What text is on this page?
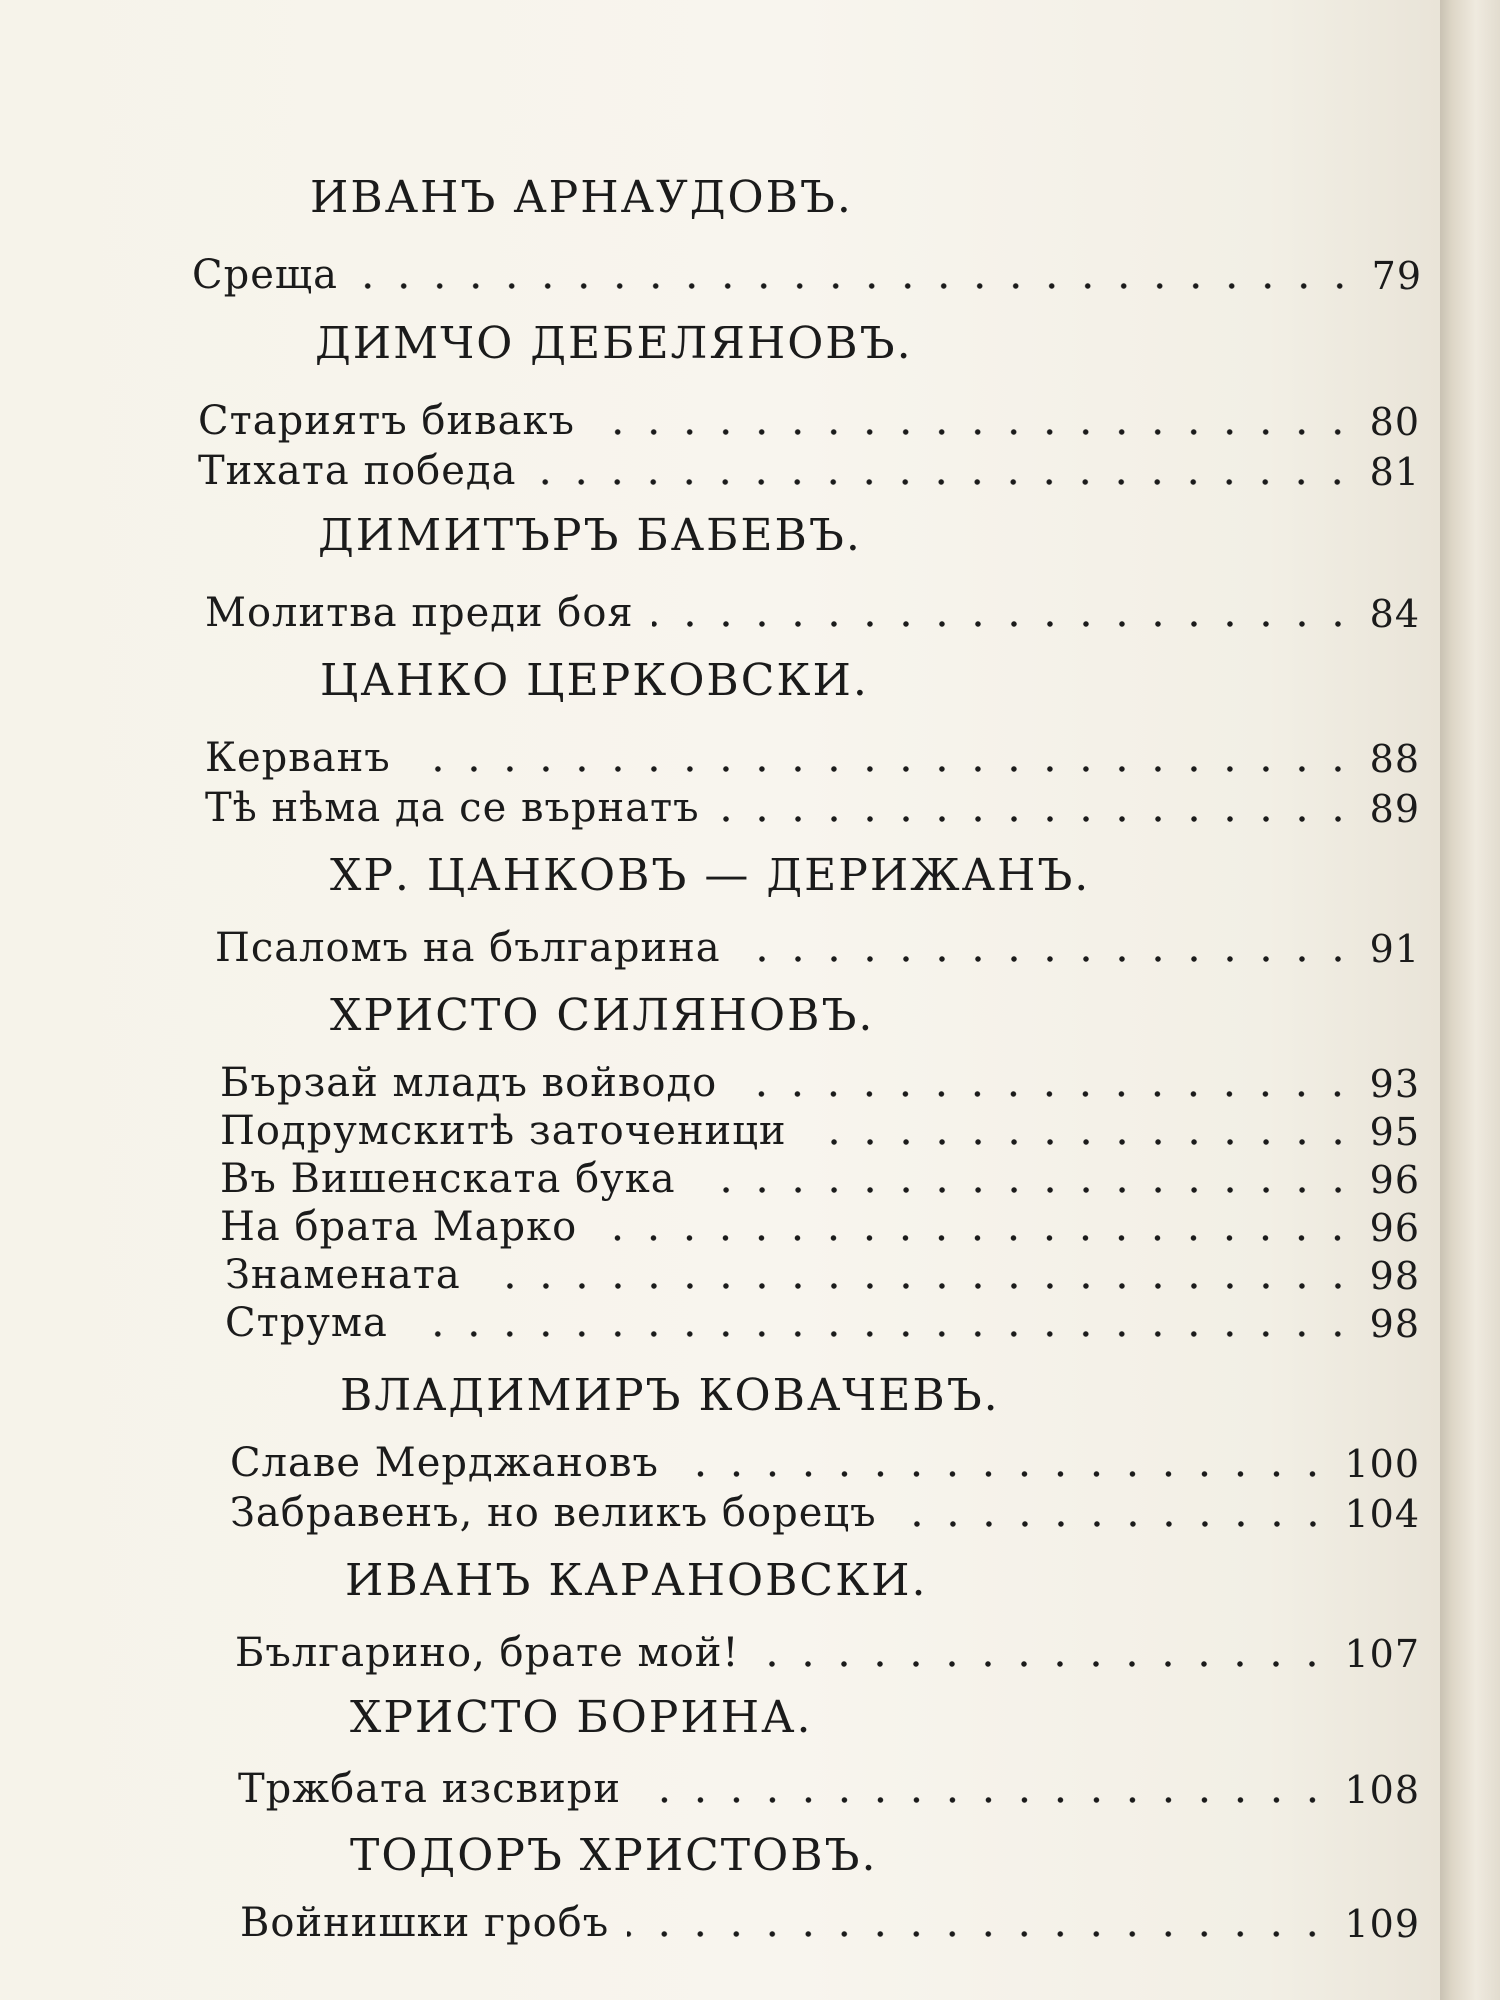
ИВАНЪ АРНАУДОВЪ.
Среща	79
ДИМЧО ДЕБЕЛЯНОВЪ.
Стариятъ бивакъ	80
Тихата победа	81
ДИМИТЪРЪ БАБЕВЪ.
Молитва преди боя	84
ЦАНКО ЦЕРКОВСКИ.
Керванъ	88
Тѣ нѣма да се върнатъ	89
ХР. ЦАНКОВЪ — ДЕРИЖАНЪ.
Псаломъ на българина	91
ХРИСТО СИЛЯНОВЪ.
Бързай младъ войводо	93
Подрумскитѣ заточеници	95
Въ Вишенската бука	96
На брата Марко	96
Знамената	98
Струма	98
ВЛАДИМИРЪ КОВАЧЕВЪ.
Славе Мерджановъ	100
Забравенъ, но великъ борецъ	104
ИВАНЪ КАРАНОВСКИ.
Българино, брате мой!	107
ХРИСТО БОРИНА.
Тржбата изсвири	108
ТОДОРЪ ХРИСТОВЪ.
Войнишки гробъ	109
